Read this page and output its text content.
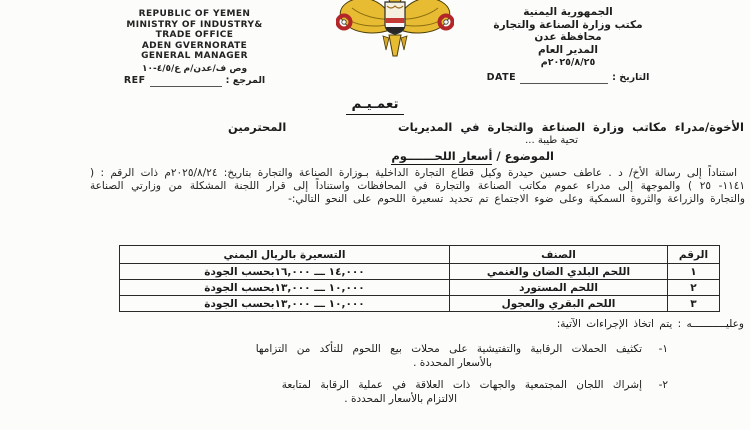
REPUBLIC OF YEMEN
MINISTRY OF INDUSTRY&
TRADE OFFICE
ADEN GVERNORATE
GENERAL MANAGER
وص ف/عدن/م ع/٤/٥-١٠
REF	المرجع :
الجمهورية اليمنية
مكتب وزارة الصناعة والتجارة
محافظة عدن
المدير العام
٢٠٢٥/٨/٢٥م
DATE	التاريخ :
تعمـيـم
الأخوة/مدراء مكاتب وزارة الصناعة والتجارة في المديريات
المحترمين
تحية طيبة ...
الموضوع / أسعار اللحـــــــوم
استناداً إلى رسالة الأخ/ د . عاطف حسين حيدرة وكيل قطاع التجارة الداخلية بـوزارة الصناعة والتجارة بتاريخ: ٢٠٢٥/٨/٢٤م ذات الرقم : ( ١١٤١- ٢٥ ) والموجهة إلى مدراء عموم مكاتب الصناعة والتجارة في المحافظات واستناداً إلى قرار اللجنة المشكلة من وزارتي الصناعة والتجارة والزراعة والثروة السمكية وعلى ضوء الاجتماع تم تحديد تسعيرة اللحوم على النحو التالي:-
الرقم	الصنف	التسعيرة بالريال اليمني
١	اللحم البلدي الضان والغنمي	١٤,٠٠٠ ـــ ١٦,٠٠٠بحسب الجودة
٢	اللحم المستورد	١٠,٠٠٠ ـــ ١٣,٠٠٠بحسب الجودة
٣	اللحم البقري والعجول	١٠,٠٠٠ ـــ ١٣,٠٠٠بحسب الجودة
وعليـــــــــــه : يتم اتخاذ الإجراءات الآتية:
١-
تكثيف الحملات الرقابية والتفتيشية على محلات بيع اللحوم للتأكد من التزامها
بالأسعار المحددة .
٢-
إشراك اللجان المجتمعية والجهات ذات العلاقة في عملية الرقابة لمتابعة
الالتزام بالأسعار المحددة .
